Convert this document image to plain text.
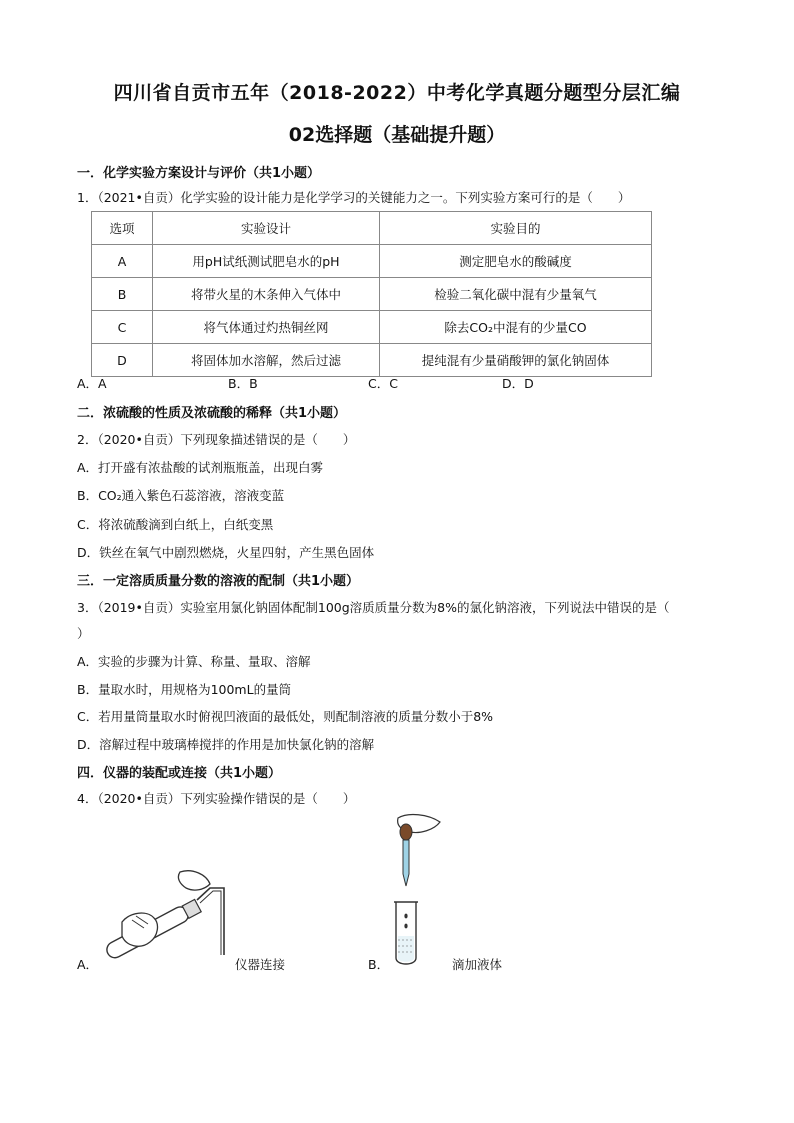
四川省自贡市五年（2018-2022）中考化学真题分题型分层汇编
02选择题（基础提升题）
一．化学实验方案设计与评价（共1小题）
1．（2021•自贡）化学实验的设计能力是化学学习的关键能力之一。下列实验方案可行的是（　　）
选项	实验设计	实验目的
A	用pH试纸测试肥皂水的pH	测定肥皂水的酸碱度
B	将带火星的木条伸入气体中	检验二氧化碳中混有少量氧气
C	将气体通过灼热铜丝网	除去CO₂中混有的少量CO
D	将固体加水溶解，然后过滤	提纯混有少量硝酸钾的氯化钠固体
A．A	B．B	C．C	D．D
二．浓硫酸的性质及浓硫酸的稀释（共1小题）
2．（2020•自贡）下列现象描述错误的是（　　）
A．打开盛有浓盐酸的试剂瓶瓶盖，出现白雾
B．CO₂通入紫色石蕊溶液，溶液变蓝
C．将浓硫酸滴到白纸上，白纸变黑
D．铁丝在氧气中剧烈燃烧，火星四射，产生黑色固体
三．一定溶质质量分数的溶液的配制（共1小题）
3．（2019•自贡）实验室用氯化钠固体配制100g溶质质量分数为8%的氯化钠溶液，下列说法中错误的是（
）
A．实验的步骤为计算、称量、量取、溶解
B．量取水时，用规格为100mL的量筒
C．若用量筒量取水时俯视凹液面的最低处，则配制溶液的质量分数小于8%
D．溶解过程中玻璃棒搅拌的作用是加快氯化钠的溶解
四．仪器的装配或连接（共1小题）
4．（2020•自贡）下列实验操作错误的是（　　）
A．	仪器连接	B．	滴加液体
